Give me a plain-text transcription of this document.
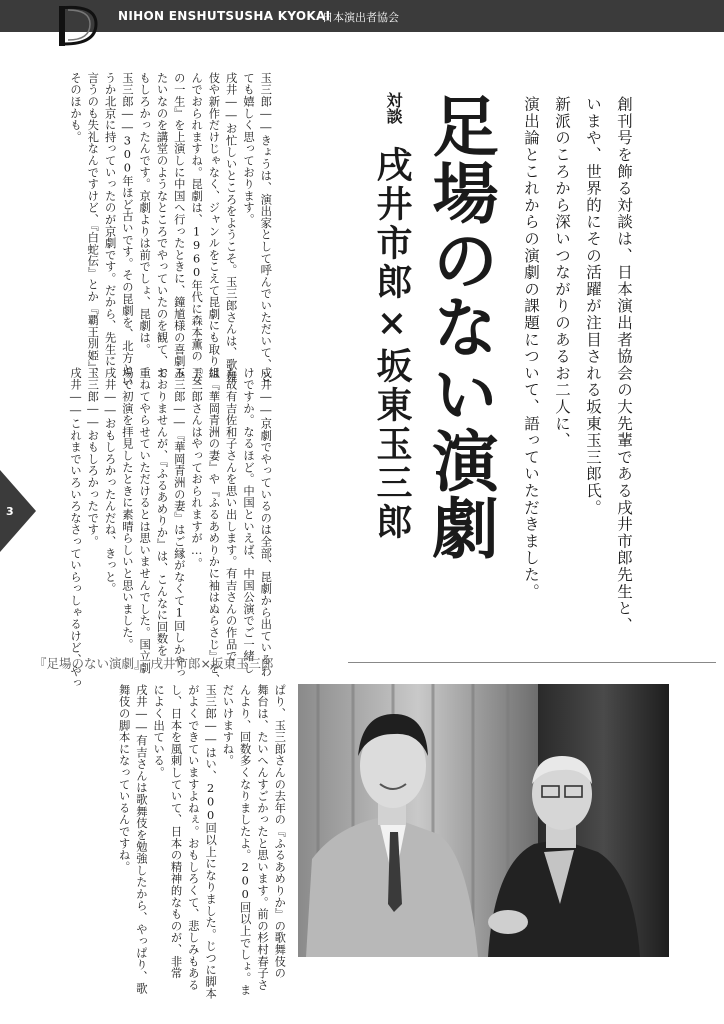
NIHON ENSHUTSUSHA KYOKAI
日本演出者協会
3	創刊号を飾る対談は、日本演出者協会の大先輩である戌井市郎先生と、
いまや、世界的にその活躍が注目される坂東玉三郎氏。
新派のころから深いつながりのあるお二人に、
演出論とこれからの演劇の課題について、語っていただきました。
足場のない演劇
対談
戌井市郎×坂東玉三郎
玉三郎――きょうは、演出家として呼んでいただいて、と
ても嬉しく思っております。
戌井――お忙しいところをようこそ。玉三郎さんは、歌舞
伎や新作だけじゃなく、ジャンルをこえて昆劇にも取り組
んでおられますね。昆劇は、1960年代に森本薫の『女
の一生』を上演しに中国へ行ったときに、鐘馗様の喜劇み
たいなのを講堂のようなところでやっていたのを観て、お
もしろかったんです。京劇よりは前でしょ、昆劇は。
玉三郎――300年ほど古いです。その昆劇を、北方とい
うか北京に持っていったのが京劇です。だから、先生に
言うのも失礼なんですけど、『白蛇伝』とか『覇王別姫』、
そのほかも。
戌井――京劇でやっているのは全部、昆劇から出ているわ
けですか。なるほど。中国といえば、中国公演でご一緒し
た故有吉佐和子さんを思い出します。有吉さんの作品で
は『華岡青洲の妻』や『ふるあめりかに袖はぬらさじ』を、
玉三郎さんはやっておられますが…。
玉三郎――『華岡青洲の妻』はご縁がなくて1回しかやっ
ておりませんが、『ふるあめりか』は、こんなに回数を
重ねてやらせていただけるとは思いませんでした。国立劇
場で初演を拝見したときに素晴らしいと思いました。
戌井――おもしろかったんだね、きっと。
玉三郎――おもしろかったです。
戌井――これまでいろいろなさっていらっしゃるけど、やっ
ぱり、玉三郎さんの去年の『ふるあめりか』の歌舞伎の
舞台は、たいへんすごかったと思います。前の杉村春子さ
んより、回数多くなりましたよ。200回以上でしょ。ま
だいけますね。
玉三郎――はい、200回以上になりました。じつに脚本
がよくできていますよねぇ。おもしろくて、悲しみもある
し、日本を風刺していて、日本の精神的なものが、非常
によく出ている。
戌井――有吉さんは歌舞伎を勉強したから、やっぱり、歌
舞伎の脚本になっているんですね。
『足場のない演劇』 戌井市郎×坂東玉三郎
